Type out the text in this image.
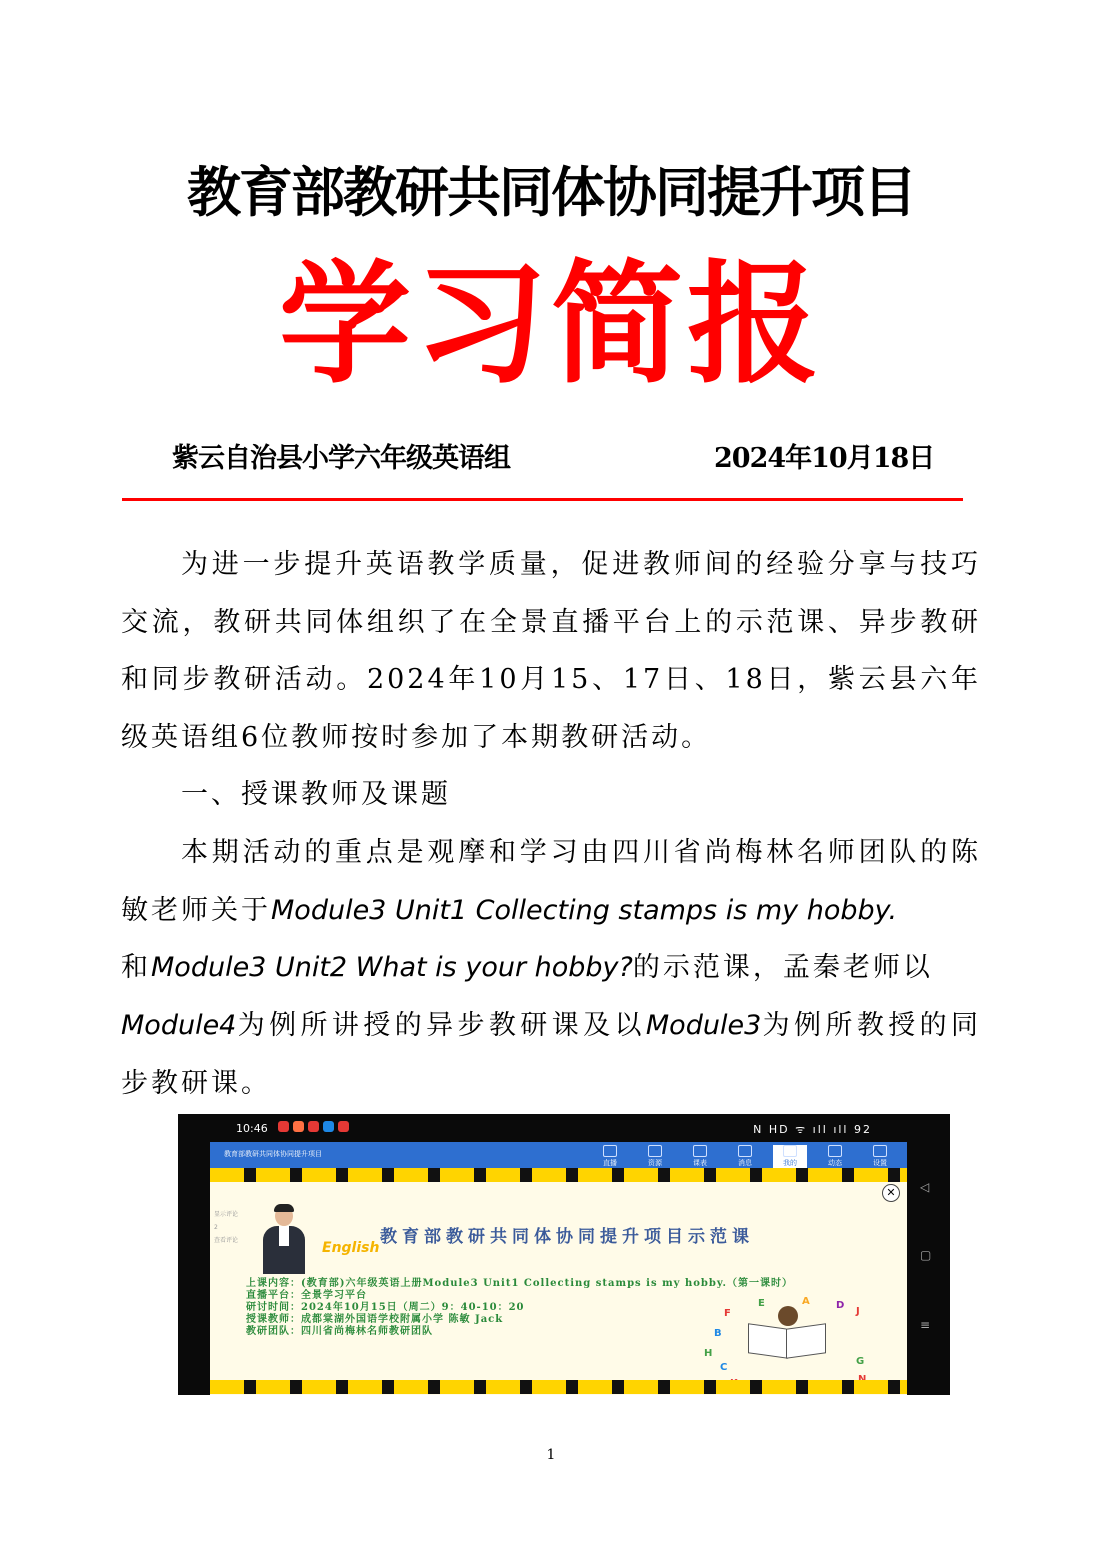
教育部教研共同体协同提升项目
学习简报
紫云自治县小学六年级英语组	2024年10月18日
为进一步提升英语教学质量，促进教师间的经验分享与技巧交流，教研共同体组织了在全景直播平台上的示范课、异步教研和同步教研活动。2024年10月15、17日、18日，紫云县六年级英语组6位教师按时参加了本期教研活动。
一、授课教师及课题
本期活动的重点是观摩和学习由四川省尚梅林名师团队的陈敏老师关于Module3 Unit1 Collecting stamps is my hobby.
和Module3 Unit2 What is your hobby?的示范课，孟秦老师以
Module4为例所讲授的异步教研课及以Module3为例所教授的同步教研课。
10:46	N HD ᯤ ıll ıll 92
教育部教研共同体协同提升项目
直播	资源	课表	消息	我的	动态	设置
✕
显示评论
2
查看评论	English
教育部教研共同体协同提升项目示范课
上课内容：(教育部)六年级英语上册Module3 Unit1 Collecting stamps is my hobby.（第一课时）
直播平台：全景学习平台
研讨时间：2024年10月15日（周二）9：40-10：20
授课教师：成都棠湖外国语学校附属小学 陈敏 Jack
教研团队：四川省尚梅林名师教研团队
F
B
E	A	D
J
H
C
G
◁
▢
≡
1
